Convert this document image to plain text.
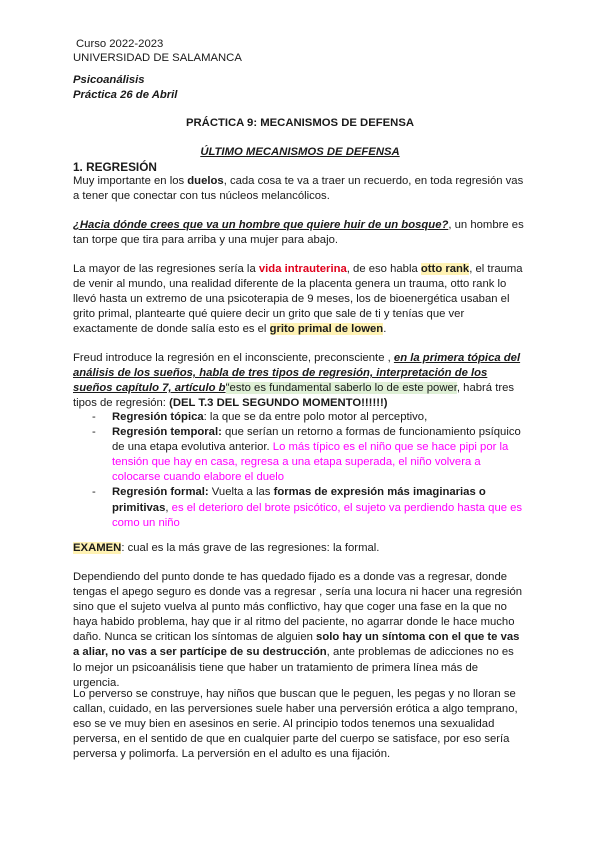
Curso 2022-2023
UNIVERSIDAD DE SALAMANCA
Psicoanálisis
Práctica 26 de Abril
PRÁCTICA 9: MECANISMOS DE DEFENSA
ÚLTIMO MECANISMOS DE DEFENSA
1. REGRESIÓN

Muy importante en los duelos, cada cosa te va a traer un recuerdo, en toda regresión vas a tener que conectar con tus núcleos melancólicos.

¿Hacia dónde crees que va un hombre que quiere huir de un bosque?, un hombre es tan torpe que tira para arriba y una mujer para abajo.

La mayor de las regresiones sería la vida intrauterina, de eso habla otto rank, el trauma de venir al mundo, una realidad diferente de la placenta genera un trauma, otto rank lo llevó hasta un extremo de una psicoterapia de 9 meses, los de bioenergética usaban el grito primal, plantearte qué quiere decir un grito que sale de ti y tenías que ver exactamente de donde salía esto es el grito primal de lowen.

Freud introduce la regresión en el inconsciente, preconsciente , en la primera tópica del análisis de los sueños, habla de tres tipos de regresión, interpretación de los sueños capítulo 7, artículo b"esto es fundamental saberlo lo de este power, habrá tres tipos de regresión: (DEL T.3 DEL SEGUNDO MOMENTO!!!!!!)

- Regresión tópica: la que se da entre polo motor al perceptivo,
- Regresión temporal: que serían un retorno a formas de funcionamiento psíquico de una etapa evolutiva anterior. Lo más típico es el niño que se hace pipi por la tensión que hay en casa, regresa a una etapa superada, el niño volvera a colocarse cuando elabore el duelo
- Regresión formal: Vuelta a las formas de expresión más imaginarias o primitivas, es el deterioro del brote psicótico, el sujeto va perdiendo hasta que es como un niño

EXAMEN: cual es la más grave de las regresiones: la formal.

Dependiendo del punto donde te has quedado fijado es a donde vas a regresar, donde tengas el apego seguro es donde vas a regresar , sería una locura ni hacer una regresión sino que el sujeto vuelva al punto más conflictivo, hay que coger una fase en la que no haya habido problema, hay que ir al ritmo del paciente, no agarrar donde le hace mucho daño. Nunca se critican los síntomas de alguien solo hay un síntoma con el que te vas a aliar, no vas a ser partícipe de su destrucción, ante problemas de adicciones no es lo mejor un psicoanálisis tiene que haber un tratamiento de primera línea más de urgencia.

Lo perverso se construye, hay niños que buscan que le peguen, les pegas y no lloran se callan, cuidado, en las perversiones suele haber una perversión erótica a algo temprano, eso se ve muy bien en asesinos en serie. Al principio todos tenemos una sexualidad perversa, en el sentido de que en cualquier parte del cuerpo se satisface, por eso sería perversa y polimorfa. La perversión en el adulto es una fijación.
